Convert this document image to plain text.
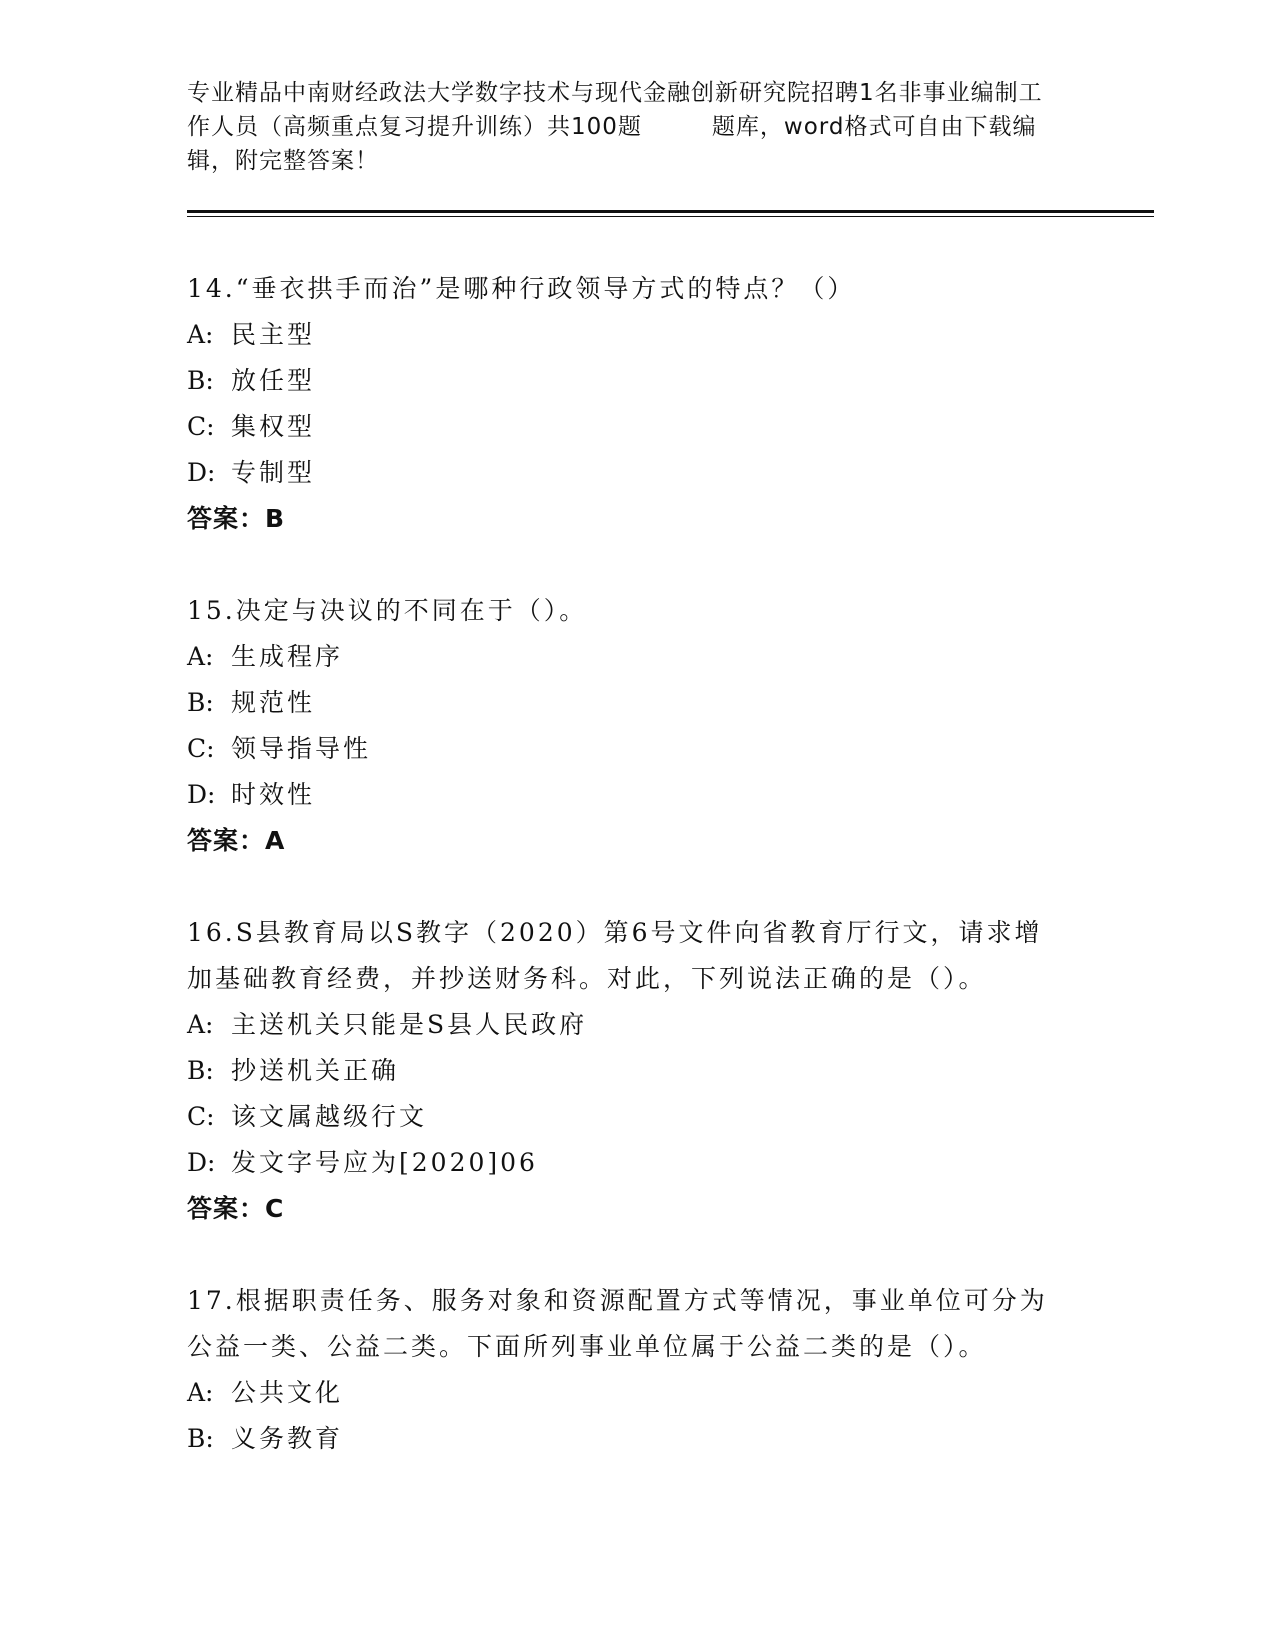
专业精品中南财经政法大学数字技术与现代金融创新研究院招聘1名非事业编制工
作人员（高频重点复习提升训练）共100题	题库，word格式可自由下载编
辑，附完整答案！
14.“垂衣拱手而治”是哪种行政领导方式的特点？（）
A: 民主型
B: 放任型
C: 集权型
D: 专制型
答案：B
15.决定与决议的不同在于（）。
A: 生成程序
B: 规范性
C: 领导指导性
D: 时效性
答案：A
16.S县教育局以S教字（2020）第6号文件向省教育厅行文，请求增
加基础教育经费，并抄送财务科。对此，下列说法正确的是（）。
A: 主送机关只能是S县人民政府
B: 抄送机关正确
C: 该文属越级行文
D: 发文字号应为[2020]06
答案：C
17.根据职责任务、服务对象和资源配置方式等情况，事业单位可分为
公益一类、公益二类。下面所列事业单位属于公益二类的是（）。
A: 公共文化
B: 义务教育
